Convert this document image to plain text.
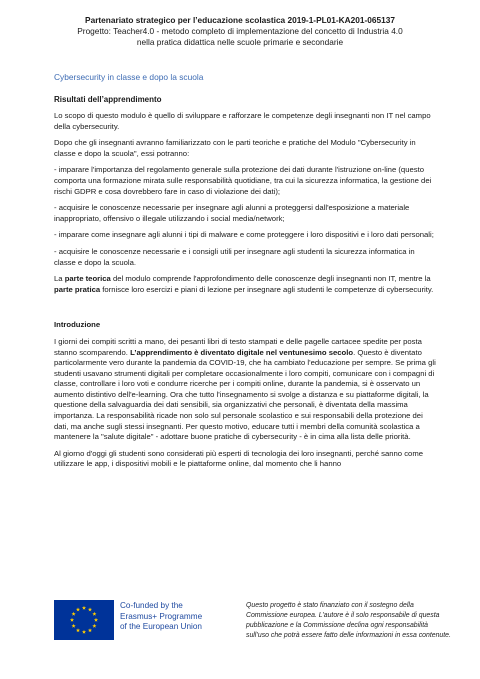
Partenariato strategico per l’educazione scolastica 2019-1-PL01-KA201-065137
Progetto: Teacher4.0 - metodo completo di implementazione del concetto di Industria 4.0
nella pratica didattica nelle scuole primarie e secondarie
Cybersecurity in classe e dopo la scuola
Risultati dell’apprendimento

Lo scopo di questo modulo è quello di sviluppare e rafforzare le competenze degli insegnanti non IT nel campo della cybersecurity.

Dopo che gli insegnanti avranno familiarizzato con le parti teoriche e pratiche del Modulo "Cybersecurity in classe e dopo la scuola", essi potranno:

- imparare l'importanza del regolamento generale sulla protezione dei dati durante l'istruzione on-line (questo comporta una formazione mirata sulle responsabilità quotidiane, tra cui la sicurezza informatica, la gestione dei rischi GDPR e cosa dovrebbero fare in caso di violazione dei dati);

- acquisire le conoscenze necessarie per insegnare agli alunni a proteggersi dall'esposizione a materiale inappropriato, offensivo o illegale utilizzando i social media/network;

- imparare come insegnare agli alunni i tipi di malware e come proteggere i loro dispositivi e i loro dati personali;

- acquisire le conoscenze necessarie e i consigli utili per insegnare agli studenti la sicurezza informatica in classe e dopo la scuola.

La parte teorica del modulo comprende l'approfondimento delle conoscenze degli insegnanti non IT, mentre la parte pratica fornisce loro esercizi e piani di lezione per insegnare agli studenti le competenze di cybersecurity.

Introduzione

I giorni dei compiti scritti a mano, dei pesanti libri di testo stampati e delle pagelle cartacee spedite per posta stanno scomparendo. L’apprendimento è diventato digitale nel ventunesimo secolo. Questo è diventato particolarmente vero durante la pandemia da COVID-19, che ha cambiato l'educazione per sempre. Se prima gli studenti usavano strumenti digitali per completare occasionalmente i loro compiti, comunicare con i compagni di classe, controllare i loro voti e condurre ricerche per i compiti online, durante la pandemia, si è osservato un aumento distintivo dell'e-learning. Ora che tutto l'insegnamento si svolge a distanza e su piattaforme digitali, la questione della salvaguardia dei dati sensibili, sia organizzativi che personali, è diventata della massima importanza. La responsabilità ricade non solo sul personale scolastico e sui responsabili della protezione dei dati, ma anche sugli stessi insegnanti. Per questo motivo, educare tutti i membri della comunità scolastica a mantenere la "salute digitale" - adottare buone pratiche di cybersecurity - è in cima alla lista delle priorità.

Al giorno d'oggi gli studenti sono considerati più esperti di tecnologia dei loro insegnanti, perché sanno come utilizzare le app, i dispositivi mobili e le piattaforme online, dal momento che li hanno

Co-funded by the
Erasmus+ Programme
of the European Union
Questo progetto è stato finanziato con il sostegno della Commissione europea. L’autore è il solo responsabile di questa pubblicazione e la Commissione declina ogni responsabilità sull’uso che potrà essere fatto delle informazioni in essa contenute.
